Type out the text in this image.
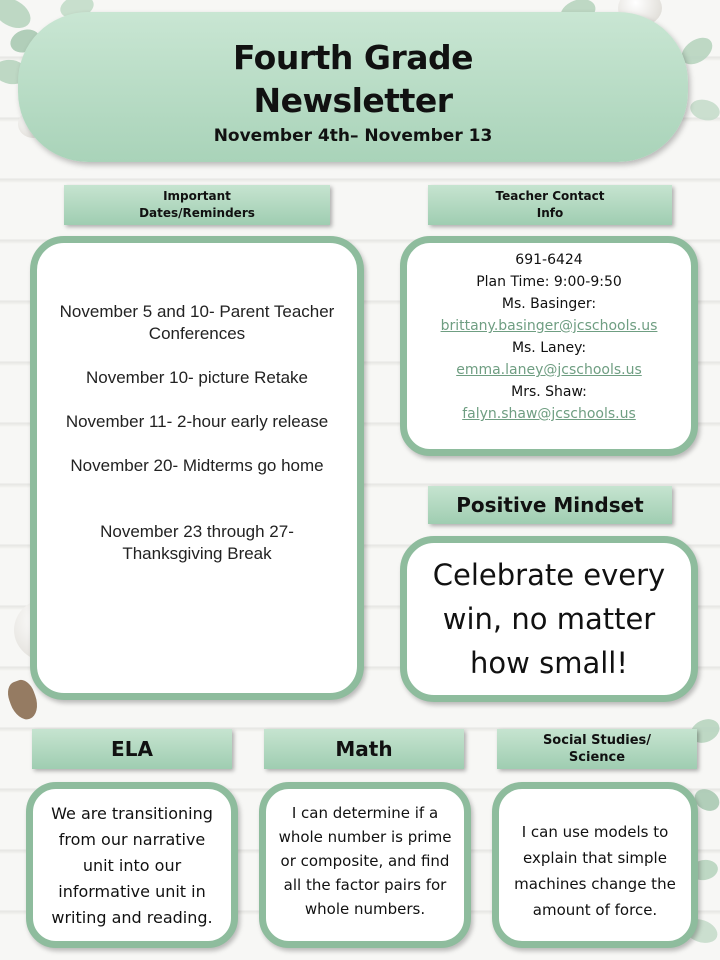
Fourth Grade
Newsletter
November 4th– November 13
Important
Dates/Reminders
Teacher Contact
Info

November 5 and 10- Parent Teacher Conferences

November 10- picture Retake

November 11- 2-hour early release

November 20- Midterms go home

November 23 through 27- Thanksgiving Break

691-6424
Plan Time: 9:00-9:50
Ms. Basinger:
brittany.basinger@jcschools.us
Ms. Laney:
emma.laney@jcschools.us
Mrs. Shaw:
falyn.shaw@jcschools.us
Positive Mindset
Celebrate every
win, no matter
how small!
ELA	Math	Social Studies/
Science
We are transitioning from our narrative unit into our informative unit in writing and reading.
I can determine if a whole number is prime or composite, and find all the factor pairs for whole numbers.
I can use models to explain that simple machines change the amount of force.
